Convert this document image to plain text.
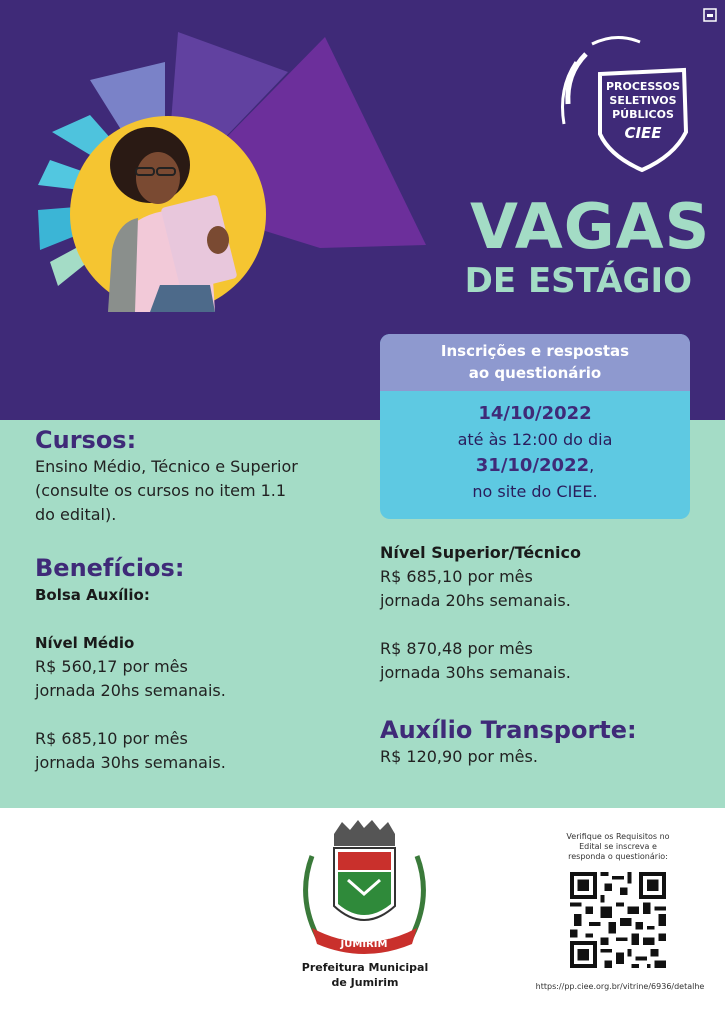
PROCESSOS
SELETIVOS
PÚBLICOS
CIEE
VAGAS
DE ESTÁGIO
Inscrições e respostas
ao questionário
14/10/2022
até às 12:00 do dia
31/10/2022,
no site do CIEE.
Cursos:

Ensino Médio, Técnico e Superior

(consulte os cursos no item 1.1

do edital).

Benefícios:
Bolsa Auxílio:
Nível Médio

R$ 560,17 por mês

jornada 20hs semanais.

R$ 685,10 por mês

jornada 30hs semanais.

Nível Superior/Técnico

R$ 685,10 por mês

jornada 20hs semanais.

R$ 870,48 por mês

jornada 30hs semanais.

Auxílio Transporte:

R$ 120,90 por mês.

JUMIRIM
Prefeitura Municipal
de Jumirim
Verifique os Requisitos no
Edital se inscreva e
responda o questionário:
https://pp.ciee.org.br/vitrine/6936/detalhe
